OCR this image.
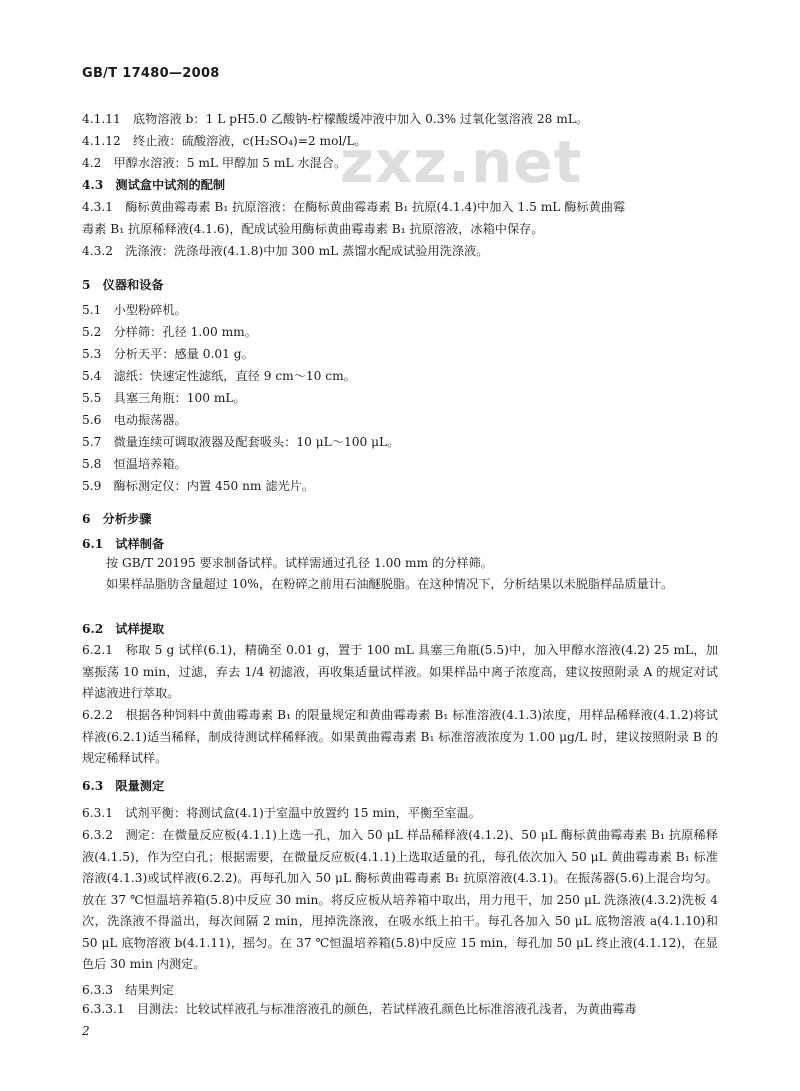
GB/T 17480—2008
zxz.net
4.1.11　底物溶液 b：1 L pH5.0 乙酸钠-柠檬酸缓冲液中加入 0.3% 过氧化氢溶液 28 mL。
4.1.12　终止液：硫酸溶液，c(H₂SO₄)=2 mol/L。
4.2　甲醇水溶液：5 mL 甲醇加 5 mL 水混合。
4.3　测试盒中试剂的配制
4.3.1　酶标黄曲霉毒素 B₁ 抗原溶液：在酶标黄曲霉毒素 B₁ 抗原(4.1.4)中加入 1.5 mL 酶标黄曲霉
毒素 B₁ 抗原稀释液(4.1.6)，配成试验用酶标黄曲霉毒素 B₁ 抗原溶液，冰箱中保存。
4.3.2　洗涤液：洗涤母液(4.1.8)中加 300 mL 蒸馏水配成试验用洗涤液。
5　仪器和设备
5.1　小型粉碎机。
5.2　分样筛：孔径 1.00 mm。
5.3　分析天平：感量 0.01 g。
5.4　滤纸：快速定性滤纸，直径 9 cm～10 cm。
5.5　具塞三角瓶：100 mL。
5.6　电动振荡器。
5.7　微量连续可调取液器及配套吸头：10 μL～100 μL。
5.8　恒温培养箱。
5.9　酶标测定仪：内置 450 nm 滤光片。
6　分析步骤
6.1　试样制备
按 GB/T 20195 要求制备试样。试样需通过孔径 1.00 mm 的分样筛。
如果样品脂肪含量超过 10%，在粉碎之前用石油醚脱脂。在这种情况下，分析结果以未脱脂样品质量计。
6.2　试样提取
6.2.1　称取 5 g 试样(6.1)，精确至 0.01 g，置于 100 mL 具塞三角瓶(5.5)中，加入甲醇水溶液(4.2) 25 mL，加塞振荡 10 min，过滤，弃去 1/4 初滤液，再收集适量试样液。如果样品中离子浓度高，建议按照附录 A 的规定对试样滤液进行萃取。
6.2.2　根据各种饲料中黄曲霉毒素 B₁ 的限量规定和黄曲霉毒素 B₁ 标准溶液(4.1.3)浓度，用样品稀释液(4.1.2)将试样液(6.2.1)适当稀释，制成待测试样稀释液。如果黄曲霉毒素 B₁ 标准溶液浓度为 1.00 μg/L 时，建议按照附录 B 的规定稀释试样。
6.3　限量测定
6.3.1　试剂平衡：将测试盒(4.1)于室温中放置约 15 min，平衡至室温。
6.3.2　测定：在微量反应板(4.1.1)上选一孔，加入 50 μL 样品稀释液(4.1.2)、50 μL 酶标黄曲霉毒素 B₁ 抗原稀释液(4.1.5)，作为空白孔；根据需要，在微量反应板(4.1.1)上选取适量的孔，每孔依次加入 50 μL 黄曲霉毒素 B₁ 标准溶液(4.1.3)或试样液(6.2.2)。再每孔加入 50 μL 酶标黄曲霉毒素 B₁ 抗原溶液(4.3.1)。在振荡器(5.6)上混合均匀。放在 37 ℃恒温培养箱(5.8)中反应 30 min。将反应板从培养箱中取出，用力甩干，加 250 μL 洗涤液(4.3.2)洗板 4 次，洗涤液不得溢出，每次间隔 2 min，甩掉洗涤液，在吸水纸上拍干。每孔各加入 50 μL 底物溶液 a(4.1.10)和 50 μL 底物溶液 b(4.1.11)，摇匀。在 37 ℃恒温培养箱(5.8)中反应 15 min，每孔加 50 μL 终止液(4.1.12)，在显色后 30 min 内测定。
6.3.3　结果判定
6.3.3.1　目测法：比较试样液孔与标准溶液孔的颜色，若试样液孔颜色比标准溶液孔浅者，为黄曲霉毒
2
